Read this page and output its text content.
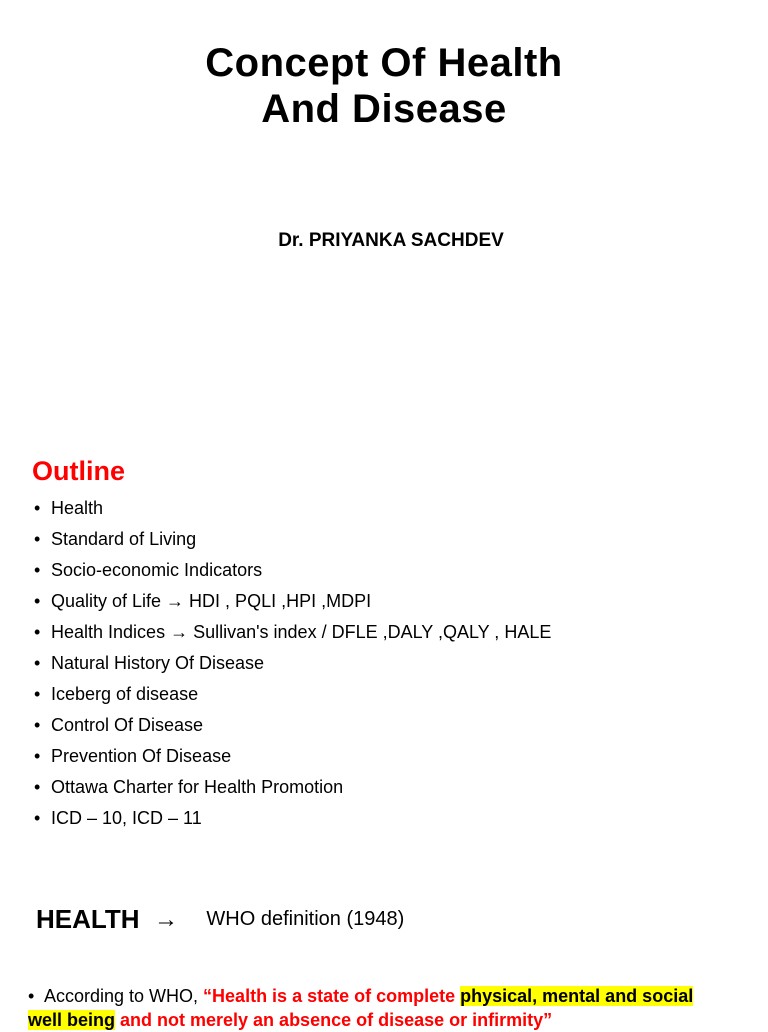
Concept Of Health
And Disease
Dr. PRIYANKA SACHDEV
Outline
• Health
• Standard of Living
• Socio-economic Indicators
• Quality of Life → HDI , PQLI ,HPI ,MDPI
• Health Indices → Sullivan's index / DFLE ,DALY ,QALY , HALE
• Natural History Of Disease
• Iceberg of disease
• Control Of Disease
• Prevention Of Disease
• Ottawa Charter for Health Promotion
• ICD – 10, ICD – 11
HEALTH → WHO definition (1948)
• According to WHO, “Health is a state of complete physical, mental and social well being and not merely an absence of disease or infirmity”
